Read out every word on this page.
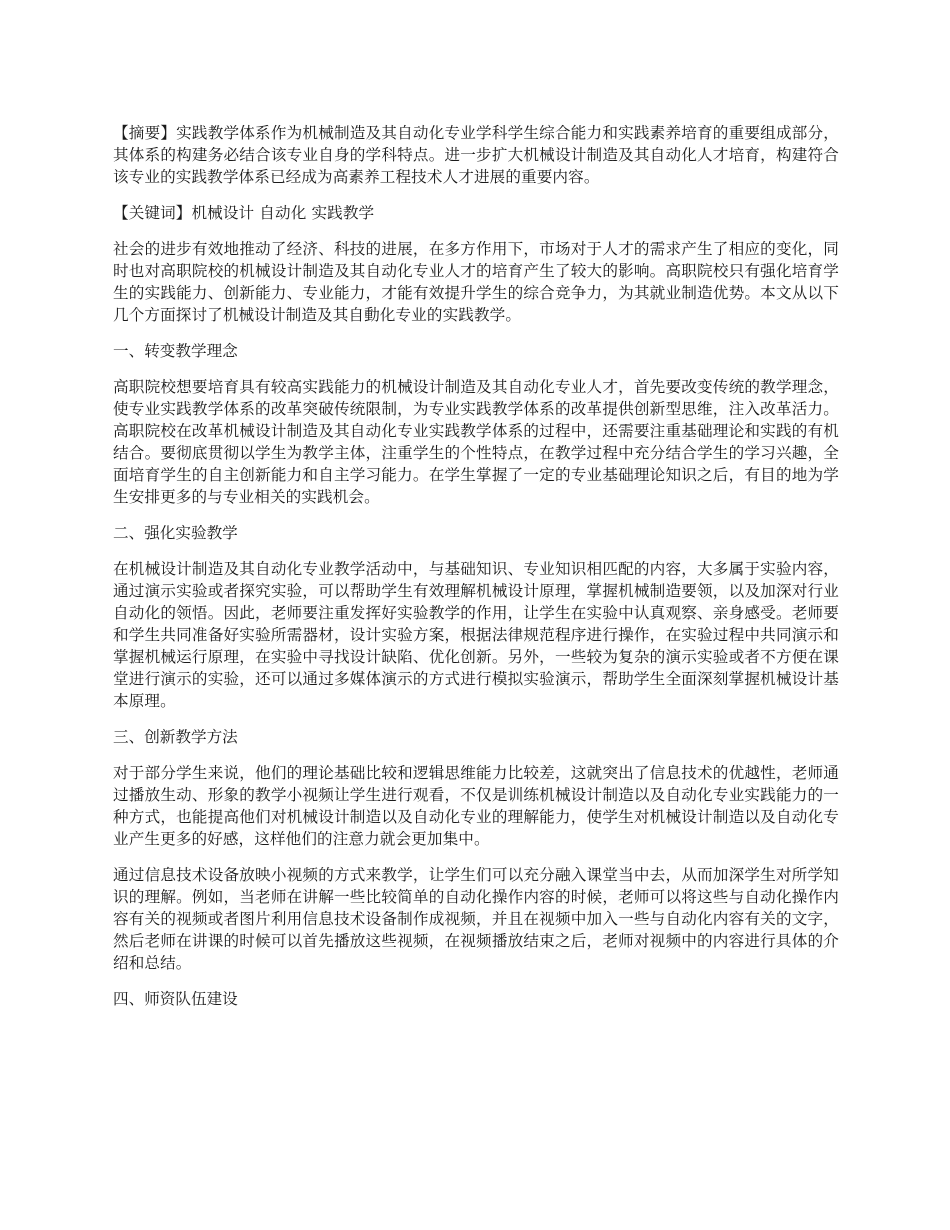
【摘要】实践教学体系作为机械制造及其自动化专业学科学生综合能力和实践素养培育的重要组成部分，其体系的构建务必结合该专业自身的学科特点。进一步扩大机械设计制造及其自动化人才培育，构建符合该专业的实践教学体系已经成为高素养工程技术人才进展的重要内容。

【关键词】机械设计 自动化 实践教学

社会的进步有效地推动了经济、科技的进展，在多方作用下，市场对于人才的需求产生了相应的变化，同时也对高职院校的机械设计制造及其自动化专业人才的培育产生了较大的影响。高职院校只有强化培育学生的实践能力、创新能力、专业能力，才能有效提升学生的综合竞争力，为其就业制造优势。本文从以下几个方面探讨了机械设计制造及其自動化专业的实践教学。

一、转变教学理念

高职院校想要培育具有较高实践能力的机械设计制造及其自动化专业人才，首先要改变传统的教学理念，使专业实践教学体系的改革突破传统限制，为专业实践教学体系的改革提供创新型思维，注入改革活力。高职院校在改革机械设计制造及其自动化专业实践教学体系的过程中，还需要注重基础理论和实践的有机结合。要彻底贯彻以学生为教学主体，注重学生的个性特点，在教学过程中充分结合学生的学习兴趣，全面培育学生的自主创新能力和自主学习能力。在学生掌握了一定的专业基础理论知识之后，有目的地为学生安排更多的与专业相关的实践机会。

二、强化实验教学

在机械设计制造及其自动化专业教学活动中，与基础知识、专业知识相匹配的内容，大多属于实验内容，通过演示实验或者探究实验，可以帮助学生有效理解机械设计原理，掌握机械制造要领，以及加深对行业自动化的领悟。因此，老师要注重发挥好实验教学的作用，让学生在实验中认真观察、亲身感受。老师要和学生共同准备好实验所需器材，设计实验方案，根据法律规范程序进行操作，在实验过程中共同演示和掌握机械运行原理，在实验中寻找设计缺陷、优化创新。另外，一些较为复杂的演示实验或者不方便在课堂进行演示的实验，还可以通过多媒体演示的方式进行模拟实验演示，帮助学生全面深刻掌握机械设计基本原理。

三、创新教学方法

对于部分学生来说，他们的理论基础比较和逻辑思维能力比较差，这就突出了信息技术的优越性，老师通过播放生动、形象的教学小视频让学生进行观看，不仅是训练机械设计制造以及自动化专业实践能力的一种方式，也能提高他们对机械设计制造以及自动化专业的理解能力，使学生对机械设计制造以及自动化专业产生更多的好感，这样他们的注意力就会更加集中。

通过信息技术设备放映小视频的方式来教学，让学生们可以充分融入课堂当中去，从而加深学生对所学知识的理解。例如，当老师在讲解一些比较简单的自动化操作内容的时候，老师可以将这些与自动化操作内容有关的视频或者图片利用信息技术设备制作成视频，并且在视频中加入一些与自动化内容有关的文字，然后老师在讲课的时候可以首先播放这些视频，在视频播放结束之后，老师对视频中的内容进行具体的介绍和总结。

四、师资队伍建设
